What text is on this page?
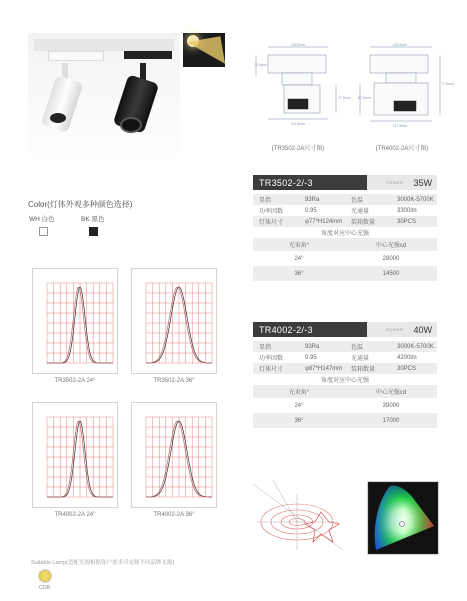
135.5mm
72.5mm
111.5mm
77.5mm
(TR3502-2A尺寸图)
133.5mm
87.5mm
77.5mm
117.5mm
(TR4002-2A尺寸图)
Color(灯体外观多种颜色选择)
WH 白色	BK 黑色
TR3502-2/-3	POWER 35W
显指	93Ra	色温	3000K-5700K
功率因数	0.95	光通量	3300lm
灯体尺寸	φ77*H124mm	装箱数量	30PCS
角度对应中心光强
光束角°	中心光强cd
24°	28000
36°	14500
TR4002-2/-3	POWER 40W
显指	93Ra	色温	3000K-5700K
功率因数	0.95	光通量	4200lm
灯体尺寸	φ87*H147mm	装箱数量	30PCS
角度对应中心光强
光束角°	中心光强cd
24°	39000
36°	17000
TR3502-2A 24°	TR3502-2A 36°
TR4002-2A 24°	TR4002-2A 36°
Suitable Lamp(适配光源根据客户需求可定制不同品牌光源)
COB
